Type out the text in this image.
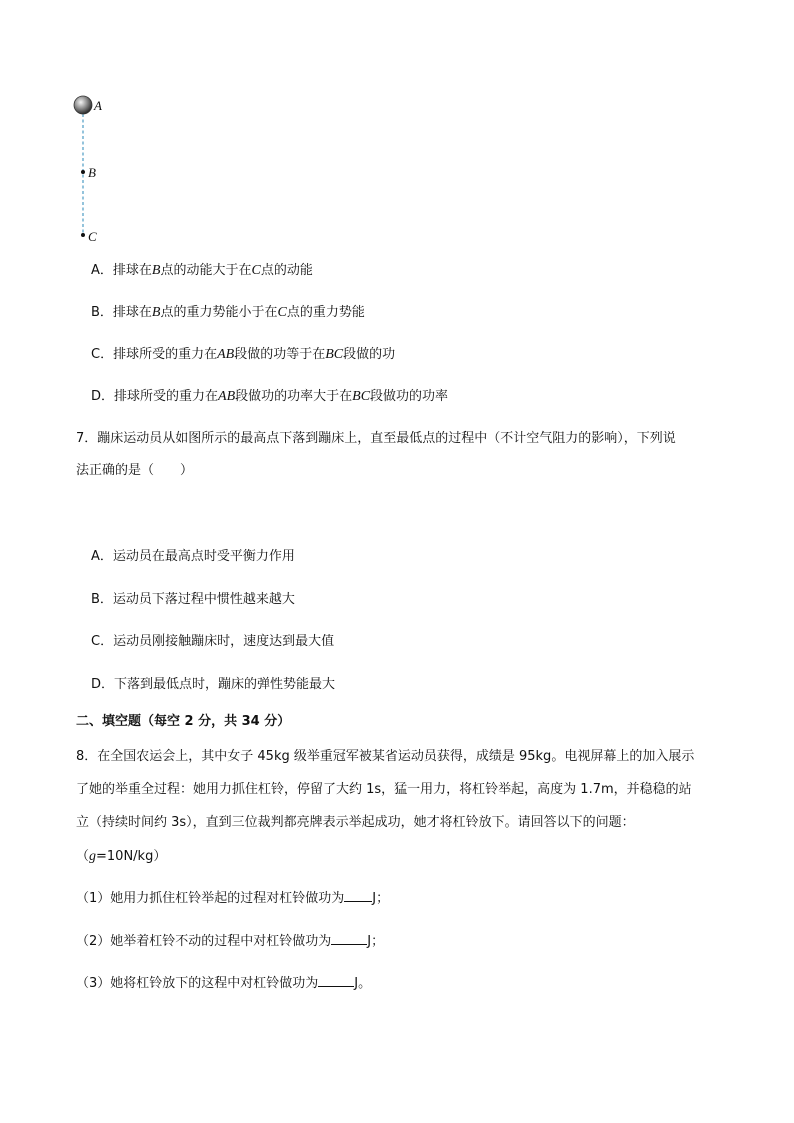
A
B
C
A．排球在B点的动能大于在C点的动能
B．排球在B点的重力势能小于在C点的重力势能
C．排球所受的重力在AB段做的功等于在BC段做的功
D．排球所受的重力在AB段做功的功率大于在BC段做功的功率
7．蹦床运动员从如图所示的最高点下落到蹦床上，直至最低点的过程中（不计空气阻力的影响），下列说
法正确的是（　　）
A．运动员在最高点时受平衡力作用
B．运动员下落过程中惯性越来越大
C．运动员刚接触蹦床时，速度达到最大值
D．下落到最低点时，蹦床的弹性势能最大
二、填空题（每空 2 分，共 34 分）
8．在全国农运会上，其中女子 45kg 级举重冠军被某省运动员获得，成绩是 95kg。电视屏幕上的加入展示
了她的举重全过程：她用力抓住杠铃，停留了大约 1s，猛一用力，将杠铃举起，高度为 1.7m，并稳稳的站
立（持续时间约 3s），直到三位裁判都亮牌表示举起成功，她才将杠铃放下。请回答以下的问题：
（g=10N/kg）
（1）她用力抓住杠铃举起的过程对杠铃做功为 J；
（2）她举着杠铃不动的过程中对杠铃做功为	J；
（3）她将杠铃放下的这程中对杠铃做功为	J。
